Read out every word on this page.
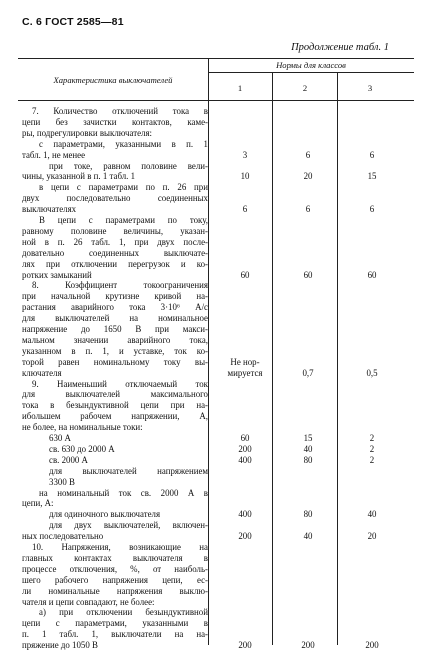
С. 6 ГОСТ 2585—81
Продолжение табл. 1
Характеристика выключателей
Нормы для классов
1	2	3
7. Количество отключений тока в
цепи без зачистки контактов, каме-
ры, подрегулировки выключателя:
с параметрами, указанными в п. 1
табл. 1, не менее	3	6	6
при токе, равном половине вели-
чины, указанной в п. 1 табл. 1	10	20	15
в цепи с параметрами по п. 26 при
двух последовательно соединенных
выключателях	6	6	6
В цепи с параметрами по току,
равному половине величины, указан-
ной в п. 26 табл. 1, при двух после-
довательно соединенных выключате-
лях при отключении перегрузок и ко-
ротких замыканий	60	60	60
8. Коэффициент токоограничения
при начальной крутизне кривой на-
растания аварийного тока 3·10⁶ А/с
для выключателей на номинальное
напряжение до 1650 В при макси-
мальном значении аварийного тока,
указанном в п. 1, и уставке, ток ко-
торой равен номинальному току вы-	Не нор-
ключателя	мируется	0,7	0,5
9. Наименьший отключаемый ток
для выключателей максимального
тока в безындуктивной цепи при на-
ибольшем рабочем напряжении, А,
не более, на номинальные токи:
630 А	60	15	2
св. 630 до 2000 А	200	40	2
св. 2000 А	400	80	2
для выключателей напряжением
3300 В
на номинальный ток св. 2000 А в
цепи, А:
для одиночного выключателя	400	80	40
для двух выключателей, включен-
ных последовательно	200	40	20
10. Напряжения, возникающие на
главных контактах выключателя в
процессе отключения, %, от наиболь-
шего рабочего напряжения цепи, ес-
ли номинальные напряжения выклю-
чателя и цепи совпадают, не более:
а) при отключении безындуктивной
цепи с параметрами, указанными в
п. 1 табл. 1, выключатели на на-
пряжение до 1050 В	200	200	200
